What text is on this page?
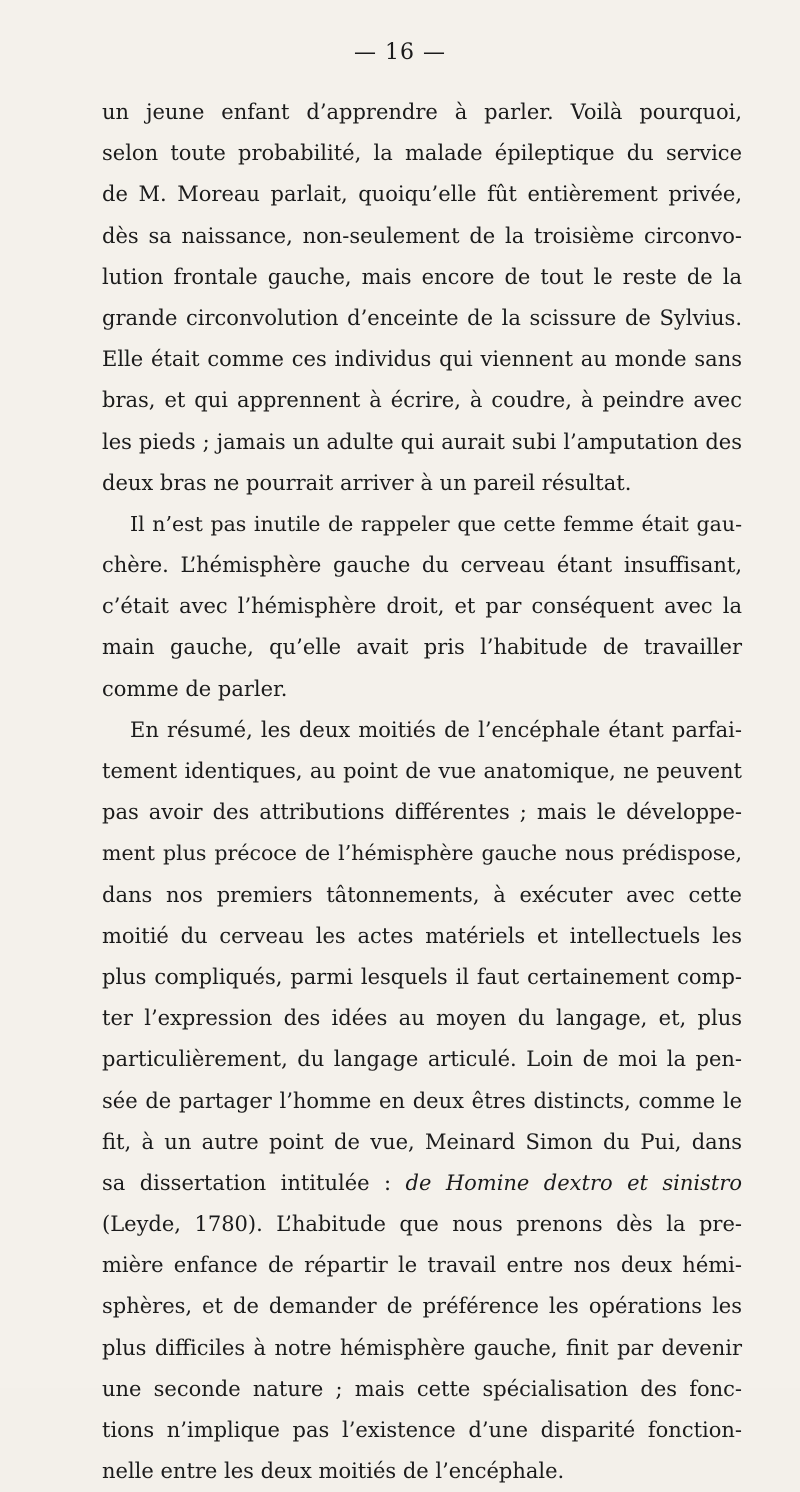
— 16 —
un jeune enfant d’apprendre à parler. Voilà pourquoi,
selon toute probabilité, la malade épileptique du service
de M. Moreau parlait, quoiqu’elle fût entièrement privée,
dès sa naissance, non-seulement de la troisième circonvo-
lution frontale gauche, mais encore de tout le reste de la
grande circonvolution d’enceinte de la scissure de Sylvius.
Elle était comme ces individus qui viennent au monde sans
bras, et qui apprennent à écrire, à coudre, à peindre avec
les pieds ; jamais un adulte qui aurait subi l’amputation des
deux bras ne pourrait arriver à un pareil résultat.
Il n’est pas inutile de rappeler que cette femme était gau-
chère. L’hémisphère gauche du cerveau étant insuffisant,
c’était avec l’hémisphère droit, et par conséquent avec la
main gauche, qu’elle avait pris l’habitude de travailler
comme de parler.
En résumé, les deux moitiés de l’encéphale étant parfai-
tement identiques, au point de vue anatomique, ne peuvent
pas avoir des attributions différentes ; mais le développe-
ment plus précoce de l’hémisphère gauche nous prédispose,
dans nos premiers tâtonnements, à exécuter avec cette
moitié du cerveau les actes matériels et intellectuels les
plus compliqués, parmi lesquels il faut certainement comp-
ter l’expression des idées au moyen du langage, et, plus
particulièrement, du langage articulé. Loin de moi la pen-
sée de partager l’homme en deux êtres distincts, comme le
fit, à un autre point de vue, Meinard Simon du Pui, dans
sa dissertation intitulée : de Homine dextro et sinistro
(Leyde, 1780). L’habitude que nous prenons dès la pre-
mière enfance de répartir le travail entre nos deux hémi-
sphères, et de demander de préférence les opérations les
plus difficiles à notre hémisphère gauche, finit par devenir
une seconde nature ; mais cette spécialisation des fonc-
tions n’implique pas l’existence d’une disparité fonction-
nelle entre les deux moitiés de l’encéphale.
